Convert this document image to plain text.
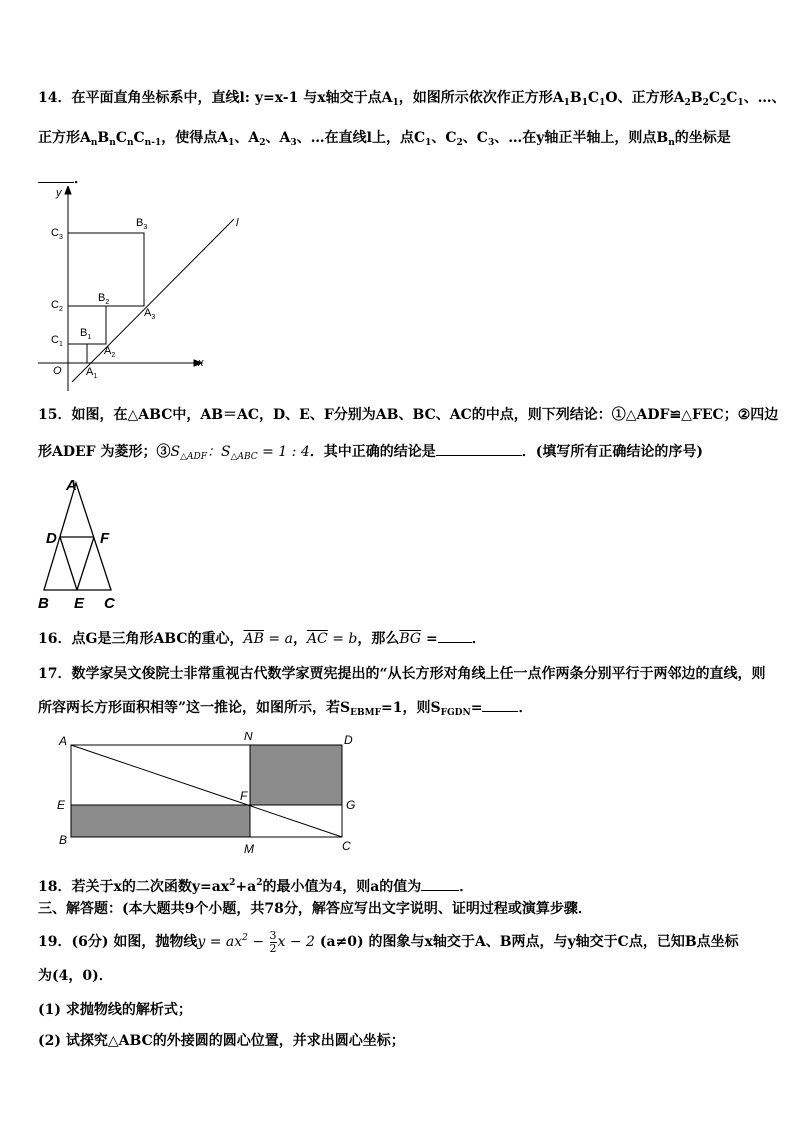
14．在平面直角坐标系中，直线l: y=x-1 与x轴交于点$A_1$，如图所示依次作正方形$A_1B_1C_1O$、正方形$A_2B_2C_2C_1$、…、
正方形$A_nB_nC_nC_{n-1}$，使得点$A_1$、$A_2$、$A_3$、…在直线l上，点$C_1$、$C_2$、$C_3$、…在y轴正半轴上，则点$B_n$的坐标是
．
y
x
O
l
$C_3$
$C_2$
$C_1$
$B_3$
$B_2$
$B_1$
$A_3$
$A_2$
$A_1$
15．如图，在△ABC中，AB＝AC，D、E、F分别为AB、BC、AC的中点，则下列结论：①△ADF≌△FEC；②四边
形ADEF 为菱形；$③S_{\triangle ADF}$：$S_{\triangle ABC} = 1$ : 4．其中正确的结论是	．(填写所有正确结论的序号)
A
D	F
B E C
16．点G是三角形ABC的重心，$\overline{AB} = a$，$\overline{AC} = b$，那么$\overline{BG}$ = ．
17．数学家吴文俊院士非常重视古代数学家贾宪提出的“从长方形对角线上任一点作两条分别平行于两邻边的直线，则
所容两长方形面积相等”这一推论，如图所示，若$S_{EBMF}=1$，则$S_{FGDN}=$	．
A	N	D
E
F
G
B
M	C
18．若关于x的二次函数$y=ax^2+a^2$的最小值为4，则a的值为	．
三、解答题：(本大题共9个小题，共78分，解答应写出文字说明、证明过程或演算步骤．
19．(6分) 如图，抛物线$y = ax^2 - \frac{3}{2}$ x − 2 (a≠0) 的图象与x轴交于A、B两点，与y轴交于C点，已知B点坐标
为(4，0)．
(1) 求抛物线的解析式；
(2) 试探究△ABC的外接圆的圆心位置，并求出圆心坐标；
